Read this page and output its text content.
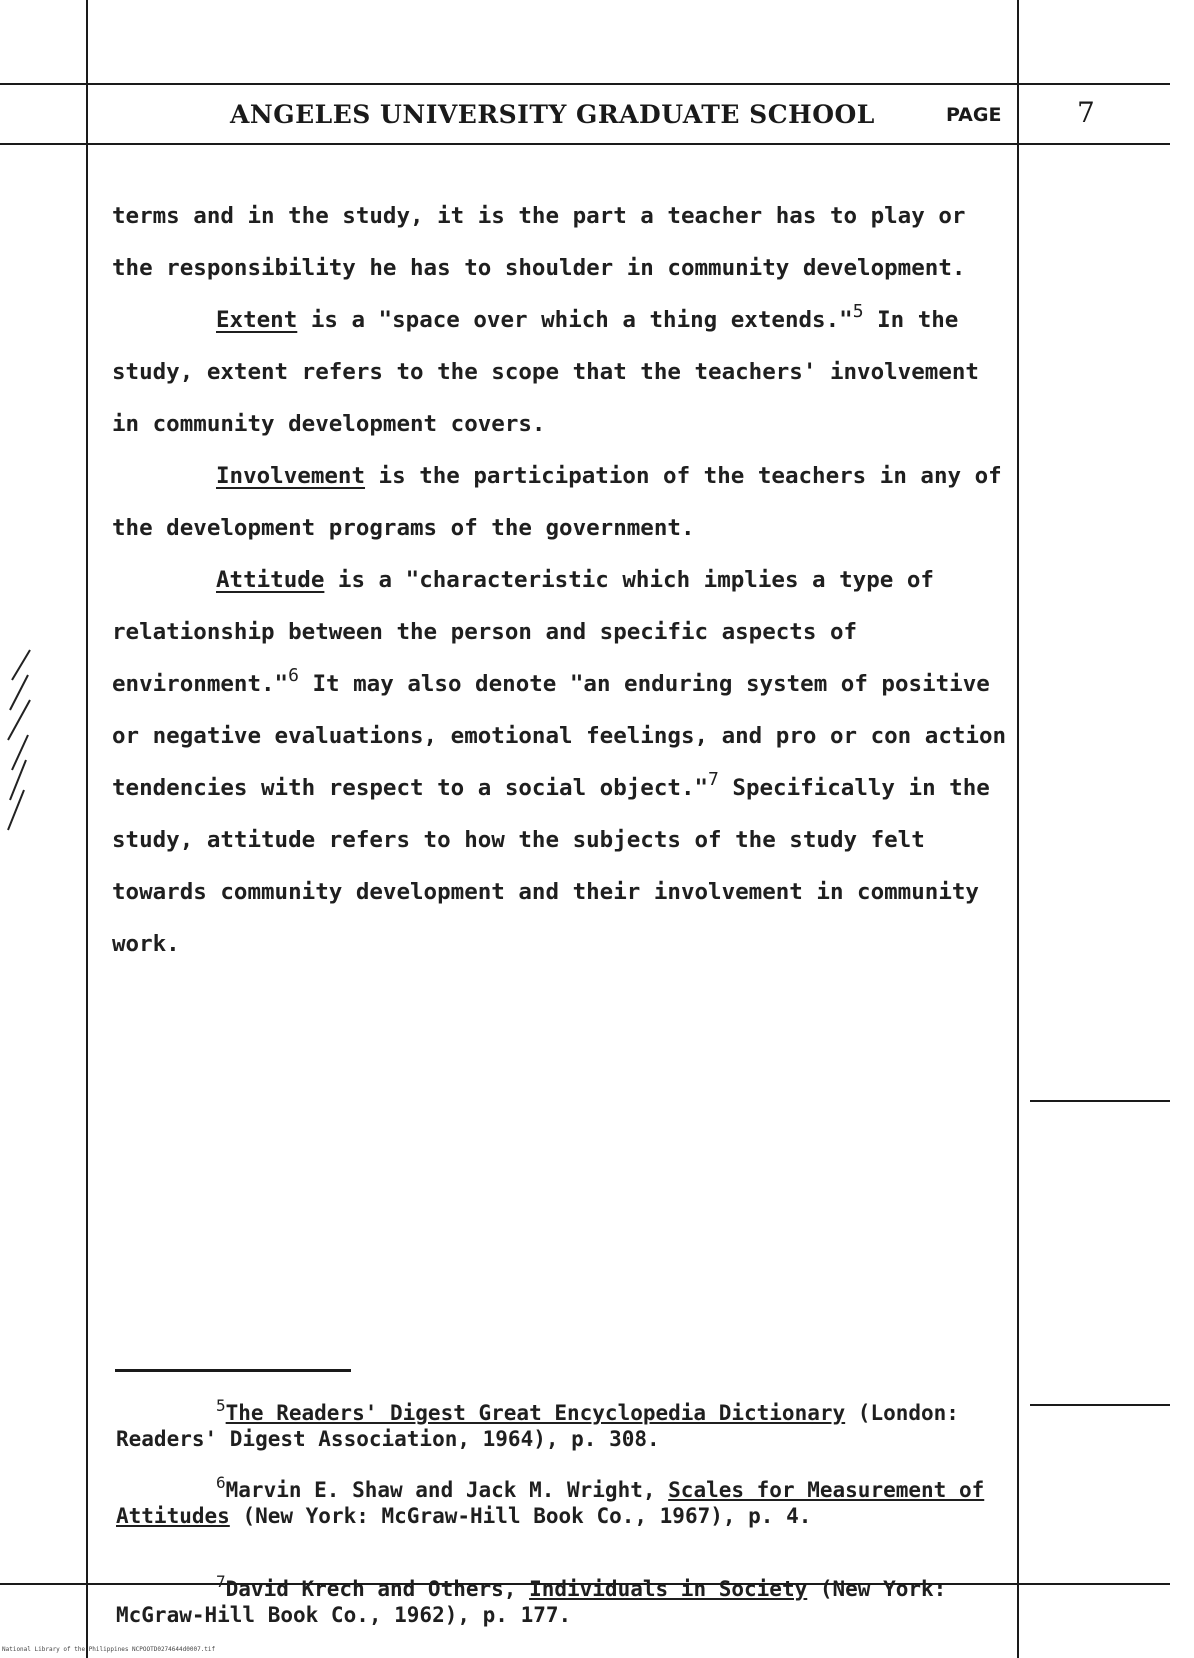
ANGELES UNIVERSITY GRADUATE SCHOOL	PAGE	7

terms and in the study, it is the part a teacher has to play or the responsibility he has to shoulder in community development.

Extent is a "space over which a thing extends."$^5$ In the study, extent refers to the scope that the teachers' involvement in community development covers.

Involvement is the participation of the teachers in any of the development programs of the government.

Attitude is a "characteristic which implies a type of relationship between the person and specific aspects of environment."$^6$ It may also denote "an enduring system of positive or negative evaluations, emotional feelings, and pro or con action tendencies with respect to a social object."$^7$ Specifically in the study, attitude refers to how the subjects of the study felt towards community development and their involvement in community work.

$^5$The Readers' Digest Great Encyclopedia Dictionary (London: Readers' Digest Association, 1964), p. 308.
$^6$Marvin E. Shaw and Jack M. Wright, Scales for Measurement of Attitudes (New York: McGraw-Hill Book Co., 1967), p. 4.
$^7$David Krech and Others, Individuals in Society (New York: McGraw-Hill Book Co., 1962), p. 177.
National Library of the Philippines NCPOOTD0274644d0007.tif
